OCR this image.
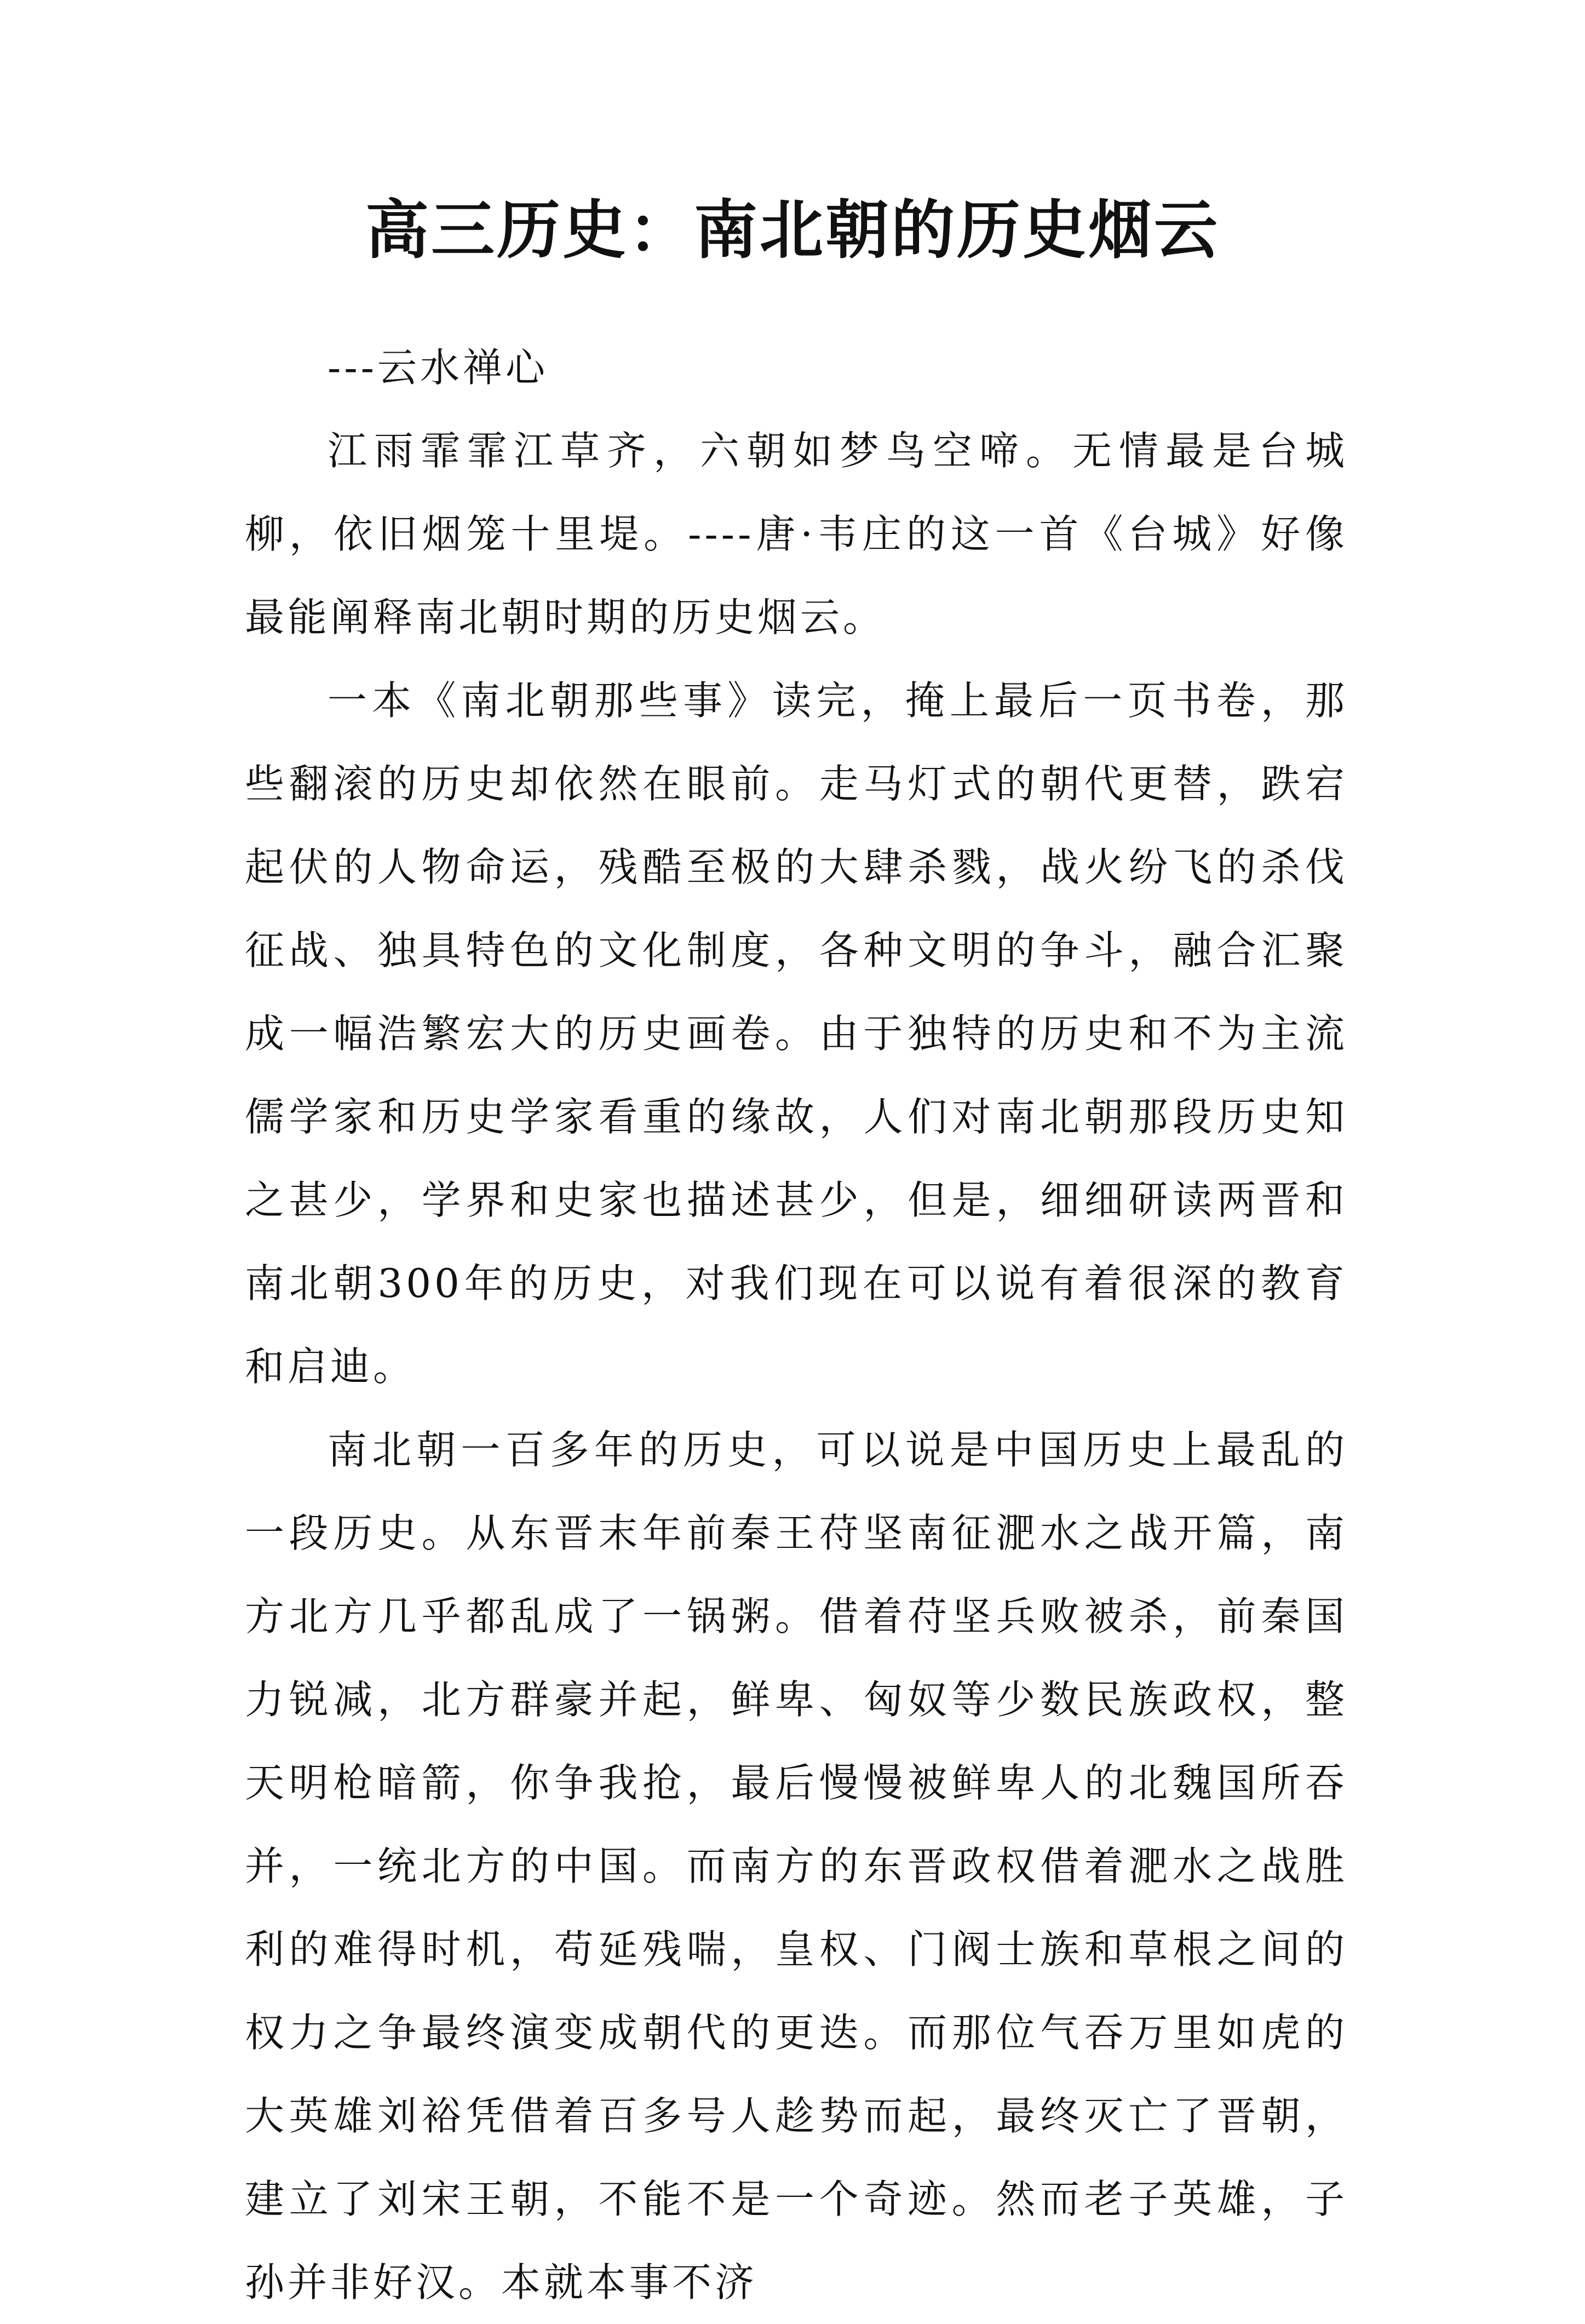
高三历史：南北朝的历史烟云

---云水禅心

江雨霏霏江草齐，六朝如梦鸟空啼。无情最是台城柳，依旧烟笼十里堤。----唐·韦庄的这一首《台城》好像最能阐释南北朝时期的历史烟云。

一本《南北朝那些事》读完，掩上最后一页书卷，那些翻滚的历史却依然在眼前。走马灯式的朝代更替，跌宕起伏的人物命运，残酷至极的大肆杀戮，战火纷飞的杀伐征战、独具特色的文化制度，各种文明的争斗，融合汇聚成一幅浩繁宏大的历史画卷。由于独特的历史和不为主流儒学家和历史学家看重的缘故，人们对南北朝那段历史知之甚少，学界和史家也描述甚少，但是，细细研读两晋和南北朝300年的历史，对我们现在可以说有着很深的教育和启迪。

南北朝一百多年的历史，可以说是中国历史上最乱的一段历史。从东晋末年前秦王苻坚南征淝水之战开篇，南方北方几乎都乱成了一锅粥。借着苻坚兵败被杀，前秦国力锐减，北方群豪并起，鲜卑、匈奴等少数民族政权，整天明枪暗箭，你争我抢，最后慢慢被鲜卑人的北魏国所吞并，一统北方的中国。而南方的东晋政权借着淝水之战胜利的难得时机，苟延残喘，皇权、门阀士族和草根之间的权力之争最终演变成朝代的更迭。而那位气吞万里如虎的大英雄刘裕凭借着百多号人趁势而起，最终灭亡了晋朝，建立了刘宋王朝，不能不是一个奇迹。然而老子英雄，子孙并非好汉。本就本事不济
